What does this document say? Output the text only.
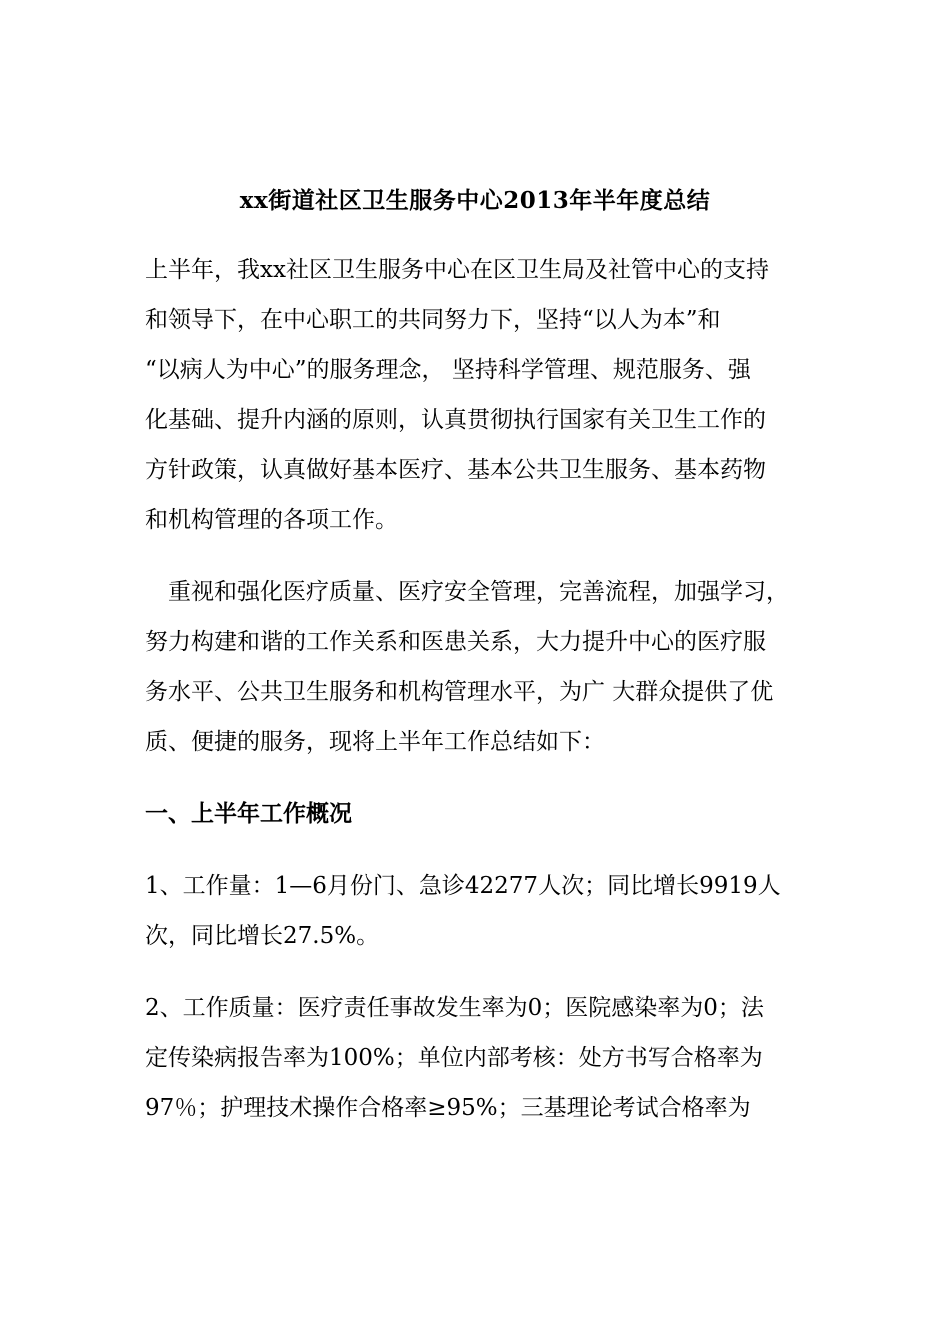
xx街道社区卫生服务中心2013年半年度总结
上半年，我xx社区卫生服务中心在区卫生局及社管中心的支持
和领导下，在中心职工的共同努力下，坚持“以人为本”和
“以病人为中心”的服务理念， 坚持科学管理、规范服务、强
化基础、提升内涵的原则，认真贯彻执行国家有关卫生工作的
方针政策，认真做好基本医疗、基本公共卫生服务、基本药物
和机构管理的各项工作。
　重视和强化医疗质量、医疗安全管理，完善流程，加强学习，
努力构建和谐的工作关系和医患关系，大力提升中心的医疗服
务水平、公共卫生服务和机构管理水平，为广 大群众提供了优
质、便捷的服务，现将上半年工作总结如下：
一、上半年工作概况
1、工作量：1—6月份门、急诊42277人次；同比增长9919人
次，同比增长27.5%。
2、工作质量：医疗责任事故发生率为0；医院感染率为0；法
定传染病报告率为100%；单位内部考核：处方书写合格率为
97％；护理技术操作合格率≥95%；三基理论考试合格率为
